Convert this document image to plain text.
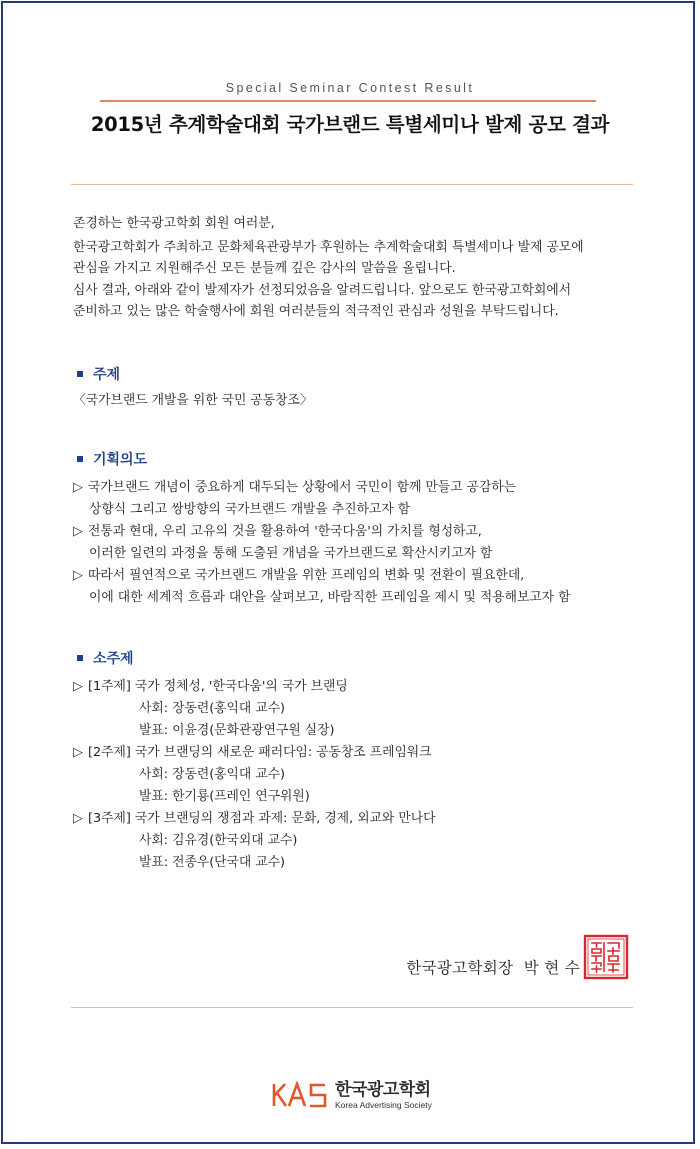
Special Seminar Contest Result
2015년 추계학술대회 국가브랜드 특별세미나 발제 공모 결과

존경하는 한국광고학회 회원 여러분,

한국광고학회가 주최하고 문화체육관광부가 후원하는 추계학술대회 특별세미나 발제 공모에

관심을 가지고 지원해주신 모든 분들께 깊은 감사의 말씀을 올립니다.

심사 결과, 아래와 같이 발제자가 선정되었음을 알려드립니다. 앞으로도 한국광고학회에서

준비하고 있는 많은 학술행사에 회원 여러분들의 적극적인 관심과 성원을 부탁드립니다.

주제
〈국가브랜드 개발을 위한 국민 공동창조〉
기획의도
▷ 국가브랜드 개념이 중요하게 대두되는 상황에서 국민이 함께 만들고 공감하는
상향식 그리고 쌍방향의 국가브랜드 개발을 추진하고자 함
▷ 전통과 현대, 우리 고유의 것을 활용하여 '한국다움'의 가치를 형성하고,
이러한 일련의 과정을 통해 도출된 개념을 국가브랜드로 확산시키고자 함
▷ 따라서 필연적으로 국가브랜드 개발을 위한 프레임의 변화 및 전환이 필요한데,
이에 대한 세계적 흐름과 대안을 살펴보고, 바람직한 프레임을 제시 및 적용해보고자 함
소주제
▷ [1주제] 국가 정체성, '한국다움'의 국가 브랜딩
사회: 장동련(홍익대 교수)
발표: 이윤경(문화관광연구원 실장)
▷ [2주제] 국가 브랜딩의 새로운 패러다임: 공동창조 프레임워크
사회: 장동련(홍익대 교수)
발표: 한기룡(프레인 연구위원)
▷ [3주제] 국가 브랜딩의 쟁점과 과제: 문화, 경제, 외교와 만나다
사회: 김유경(한국외대 교수)
발표: 전종우(단국대 교수)
한국광고학회장  박 현 수
한국광고학회
Korea Advertising Society
